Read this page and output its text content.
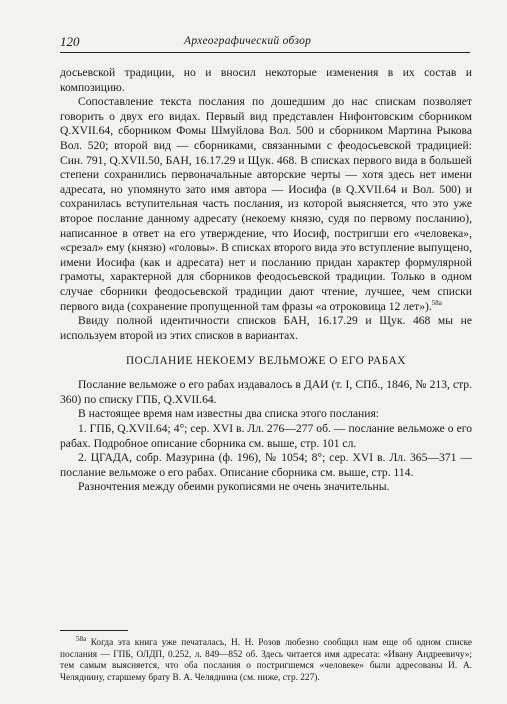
120	Археографический обзор

досьевской традиции, но и вносил некоторые изменения в их состав и композицию.

Сопоставление текста послания по дошедшим до нас спискам позволяет говорить о двух его видах. Первый вид представлен Нифонтовским сборником Q.XVII.64, сборником Фомы Шмуйлова Вол. 500 и сборником Мартина Рыкова Вол. 520; второй вид — сборниками, связанными с феодосьевской традицией: Син. 791, Q.XVII.50, БАН, 16.17.29 и Щук. 468. В списках первого вида в большей степени сохранились первоначальные авторские черты — хотя здесь нет имени адресата, но упомянуто зато имя автора — Иосифа (в Q.XVII.64 и Вол. 500) и сохранилась вступительная часть послания, из которой выясняется, что это уже второе послание данному адресату (некоему князю, судя по первому посланию), написанное в ответ на его утверждение, что Иосиф, постригши его «человека», «срезал» ему (князю) «головы». В списках второго вида это вступление выпущено, имени Иосифа (как и адресата) нет и посланию придан характер формулярной грамоты, характерной для сборников феодосьевской традиции. Только в одном случае сборники феодосьевской традиции дают чтение, лучшее, чем списки первого вида (сохранение пропущенной там фразы «а отроковица 12 лет»).$^{58а}$

Ввиду полной идентичности списков БАН, 16.17.29 и Щук. 468 мы не используем второй из этих списков в вариантах.

ПОСЛАНИЕ НЕКОЕМУ ВЕЛЬМОЖЕ О ЕГО РАБАХ

Послание вельможе о его рабах издавалось в ДАИ (т. I, СПб., 1846, № 213, стр. 360) по списку ГПБ, Q.XVII.64.

В настоящее время нам известны два списка этого послания:

1. ГПБ, Q.XVII.64; 4°; сер. XVI в. Лл. 276—277 об. — послание вельможе о его рабах. Подробное описание сборника см. выше, стр. 101 сл.

2. ЦГАДА, собр. Мазурина (ф. 196), № 1054; 8°; сер. XVI в. Лл. 365—371 — послание вельможе о его рабах. Описание сборника см. выше, стр. 114.

Разночтения между обеими рукописями не очень значительны.

$^{58а}$ Когда эта книга уже печаталась, Н. Н. Розов любезно сообщил нам еще об одном списке послания — ГПБ, ОЛДП, 0.252, л. 849—852 об. Здесь читается имя адресата: «Ивану Андреевичу»; тем самым выясняется, что оба послания о постригшемся «человеке» были адресованы И. А. Челяднину, старшему брату В. А. Челяднина (см. ниже, стр. 227).
